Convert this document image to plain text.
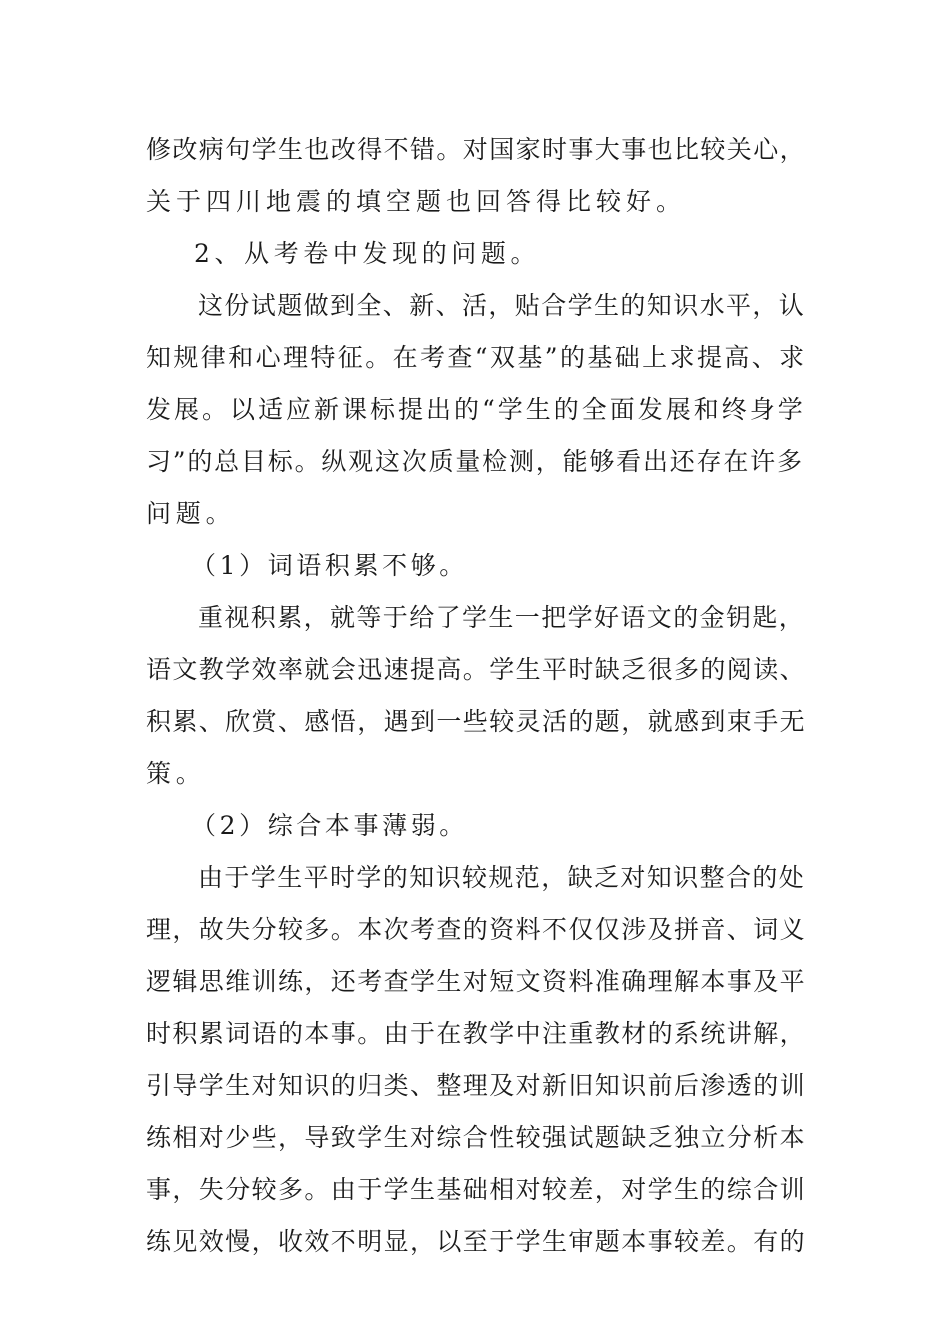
修改病句学生也改得不错。对国家时事大事也比较关心，
关于四川地震的填空题也回答得比较好。
2、从考卷中发现的问题。
这份试题做到全、新、活，贴合学生的知识水平，认
知规律和心理特征。在考查“双基”的基础上求提高、求
发展。以适应新课标提出的“学生的全面发展和终身学
习”的总目标。纵观这次质量检测，能够看出还存在许多
问题。
（1）词语积累不够。
重视积累，就等于给了学生一把学好语文的金钥匙，
语文教学效率就会迅速提高。学生平时缺乏很多的阅读、
积累、欣赏、感悟，遇到一些较灵活的题，就感到束手无
策。
（2）综合本事薄弱。
由于学生平时学的知识较规范，缺乏对知识整合的处
理，故失分较多。本次考查的资料不仅仅涉及拼音、词义
逻辑思维训练，还考查学生对短文资料准确理解本事及平
时积累词语的本事。由于在教学中注重教材的系统讲解，
引导学生对知识的归类、整理及对新旧知识前后渗透的训
练相对少些，导致学生对综合性较强试题缺乏独立分析本
事，失分较多。由于学生基础相对较差，对学生的综合训
练见效慢，收效不明显，以至于学生审题本事较差。有的
